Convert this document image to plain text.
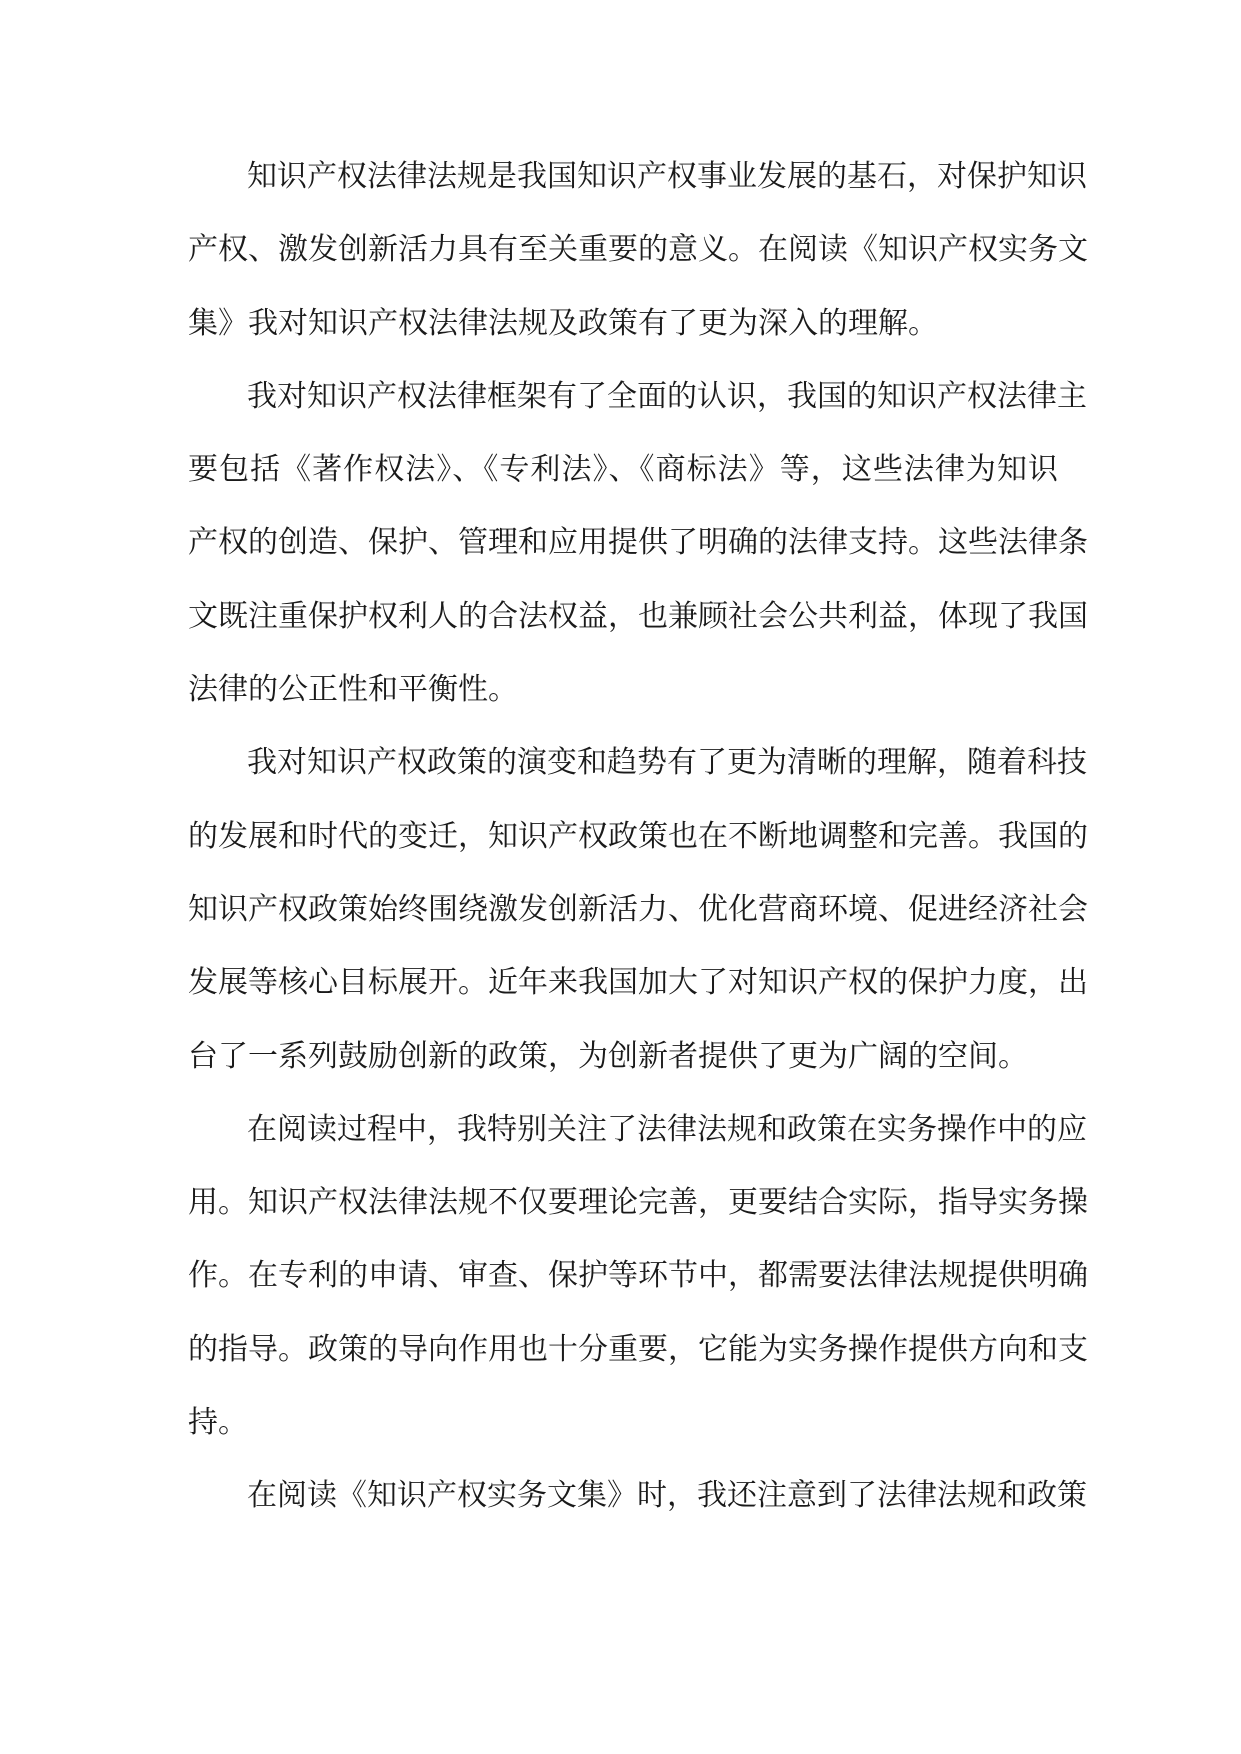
知识产权法律法规是我国知识产权事业发展的基石，对保护知识
产权、激发创新活力具有至关重要的意义。在阅读《知识产权实务文
集》我对知识产权法律法规及政策有了更为深入的理解。
我对知识产权法律框架有了全面的认识，我国的知识产权法律主
要包括《著作权法》、《专利法》、《商标法》等，这些法律为知识
产权的创造、保护、管理和应用提供了明确的法律支持。这些法律条
文既注重保护权利人的合法权益，也兼顾社会公共利益，体现了我国
法律的公正性和平衡性。
我对知识产权政策的演变和趋势有了更为清晰的理解，随着科技
的发展和时代的变迁，知识产权政策也在不断地调整和完善。我国的
知识产权政策始终围绕激发创新活力、优化营商环境、促进经济社会
发展等核心目标展开。近年来我国加大了对知识产权的保护力度，出
台了一系列鼓励创新的政策，为创新者提供了更为广阔的空间。
在阅读过程中，我特别关注了法律法规和政策在实务操作中的应
用。知识产权法律法规不仅要理论完善，更要结合实际，指导实务操
作。在专利的申请、审查、保护等环节中，都需要法律法规提供明确
的指导。政策的导向作用也十分重要，它能为实务操作提供方向和支
持。
在阅读《知识产权实务文集》时，我还注意到了法律法规和政策
